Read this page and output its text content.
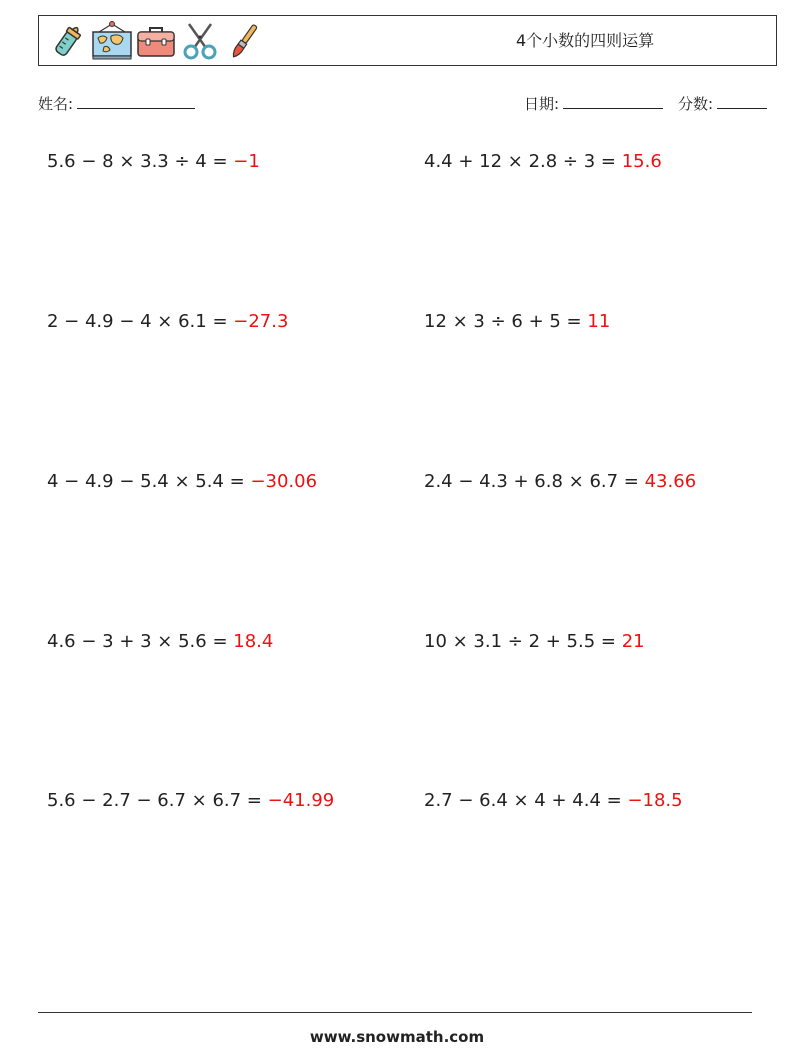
4个小数的四则运算
姓名:	日期:	分数:
5.6 − 8 × 3.3 ÷ 4 = −1	4.4 + 12 × 2.8 ÷ 3 = 15.6
2 − 4.9 − 4 × 6.1 = −27.3	12 × 3 ÷ 6 + 5 = 11
4 − 4.9 − 5.4 × 5.4 = −30.06	2.4 − 4.3 + 6.8 × 6.7 = 43.66
4.6 − 3 + 3 × 5.6 = 18.4	10 × 3.1 ÷ 2 + 5.5 = 21
5.6 − 2.7 − 6.7 × 6.7 = −41.99	2.7 − 6.4 × 4 + 4.4 = −18.5
www.snowmath.com
